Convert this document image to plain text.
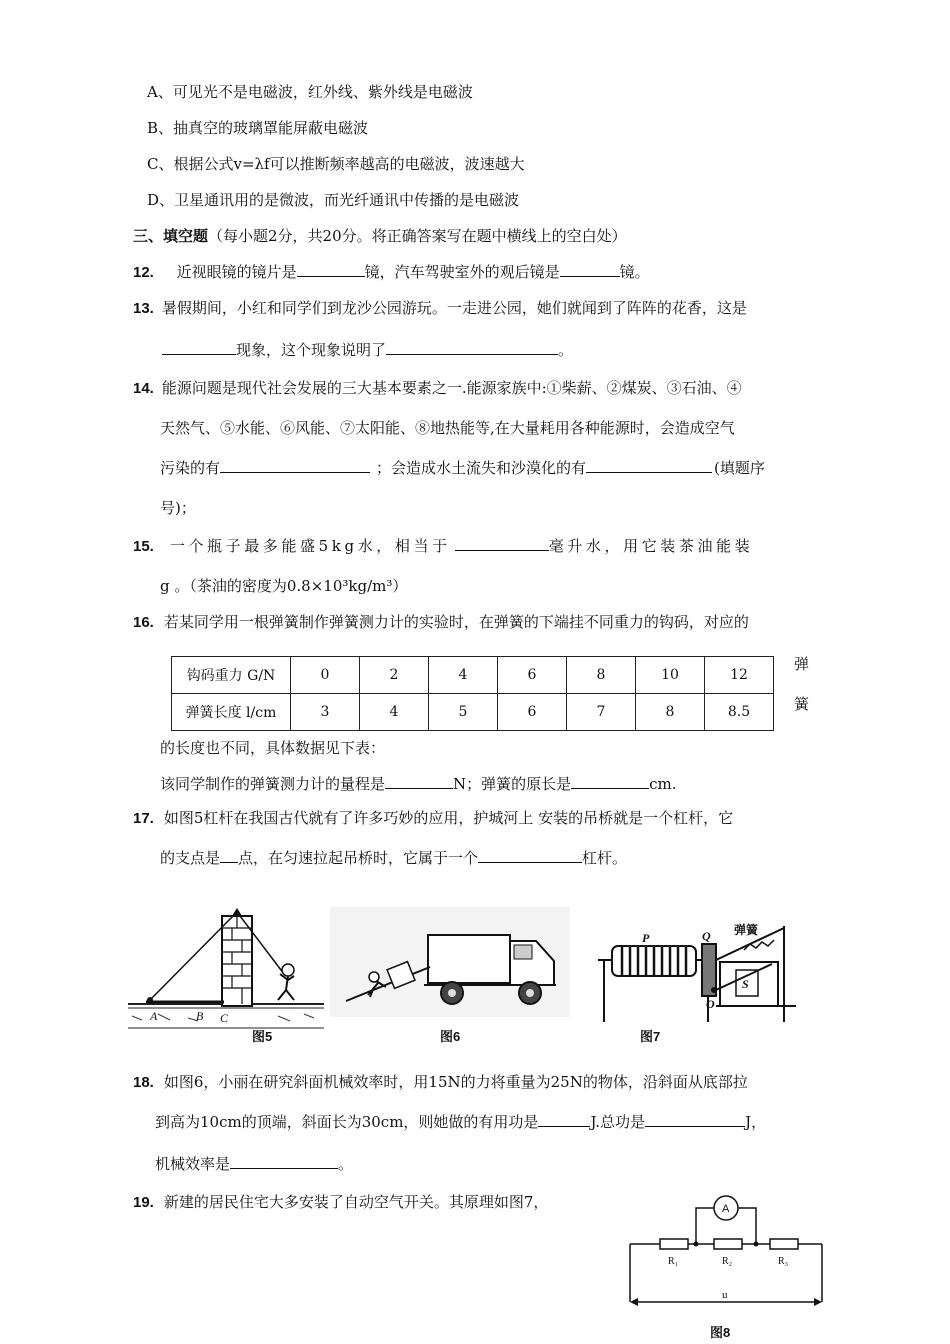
A、可见光不是电磁波，红外线、紫外线是电磁波
B、抽真空的玻璃罩能屏蔽电磁波
C、根据公式v=λf可以推断频率越高的电磁波，波速越大
D、卫星通讯用的是微波，而光纤通讯中传播的是电磁波
三、填空题（每小题2分，共20分。将正确答案写在题中横线上的空白处）
12. 近视眼镜的镜片是	镜，汽车驾驶室外的观后镜是	镜。
13. 暑假期间，小红和同学们到龙沙公园游玩。一走进公园，她们就闻到了阵阵的花香，这是
现象，这个现象说明了	。
14. 能源问题是现代社会发展的三大基本要素之一.能源家族中:①柴薪、②煤炭、③石油、④
天然气、⑤水能、⑥风能、⑦太阳能、⑧地热能等,在大量耗用各种能源时，会造成空气
污染的有	；会造成水土流失和沙漠化的有	(填题序
号)；
15. 一个瓶子最多能盛5kg水，相当于	毫升水，用它装茶油能装
g 。（茶油的密度为0.8×10³kg/m³）
16. 若某同学用一根弹簧制作弹簧测力计的实验时，在弹簧的下端挂不同重力的钩码，对应的
钩码重力 G/N	0	2	4	6	8	10	12
弹簧长度 l/cm	3	4	5	6	7	8	8.5
弹
簧
的长度也不同，具体数据见下表：
该同学制作的弹簧测力计的量程是	N；弹簧的原长是	cm.
17. 如图5杠杆在我国古代就有了许多巧妙的应用，护城河上 安装的吊桥就是一个杠杆，它
的支点是 点，在匀速拉起吊桥时，它属于一个	杠杆。
A	B C
图5	图6
P	Q 弹簧
S
O
图7
18. 如图6，小丽在研究斜面机械效率时，用15N的力将重量为25N的物体，沿斜面从底部拉
到高为10cm的顶端，斜面长为30cm，则她做的有用功是	J.总功是	J，
机械效率是	。
19. 新建的居民住宅大多安装了自动空气开关。其原理如图7，	A
R₁	R₂	R₃
u
图8
